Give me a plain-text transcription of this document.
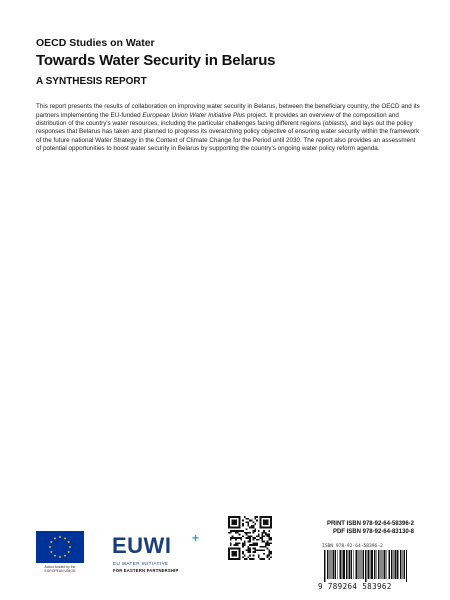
OECD Studies on Water
Towards Water Security in Belarus
A SYNTHESIS REPORT

This report presents the results of collaboration on improving water security in Belarus, between the beneficiary country, the OECD and its partners implementing the EU-funded European Union Water Initiative Plus project. It provides an overview of the composition and distribution of the country's water resources, including the particular challenges facing different regions (oblasts), and lays out the policy responses that Belarus has taken and planned to progress its overarching policy objective of ensuring water security within the framework of the future national Water Strategy in the Context of Climate Change for the Period until 2030. The report also provides an assessment of potential opportunities to boost water security in Belarus by supporting the country's ongoing water policy reform agenda.

Action funded by the EUROPEAN UNION
EUWI +
EU WATER INITIATIVE
FOR EASTERN PARTNERSHIP
PRINT ISBN 978-92-64-58396-2
PDF ISBN 978-92-64-83130-8
ISBN 978-92-64-58396-2
9 789264 583962
